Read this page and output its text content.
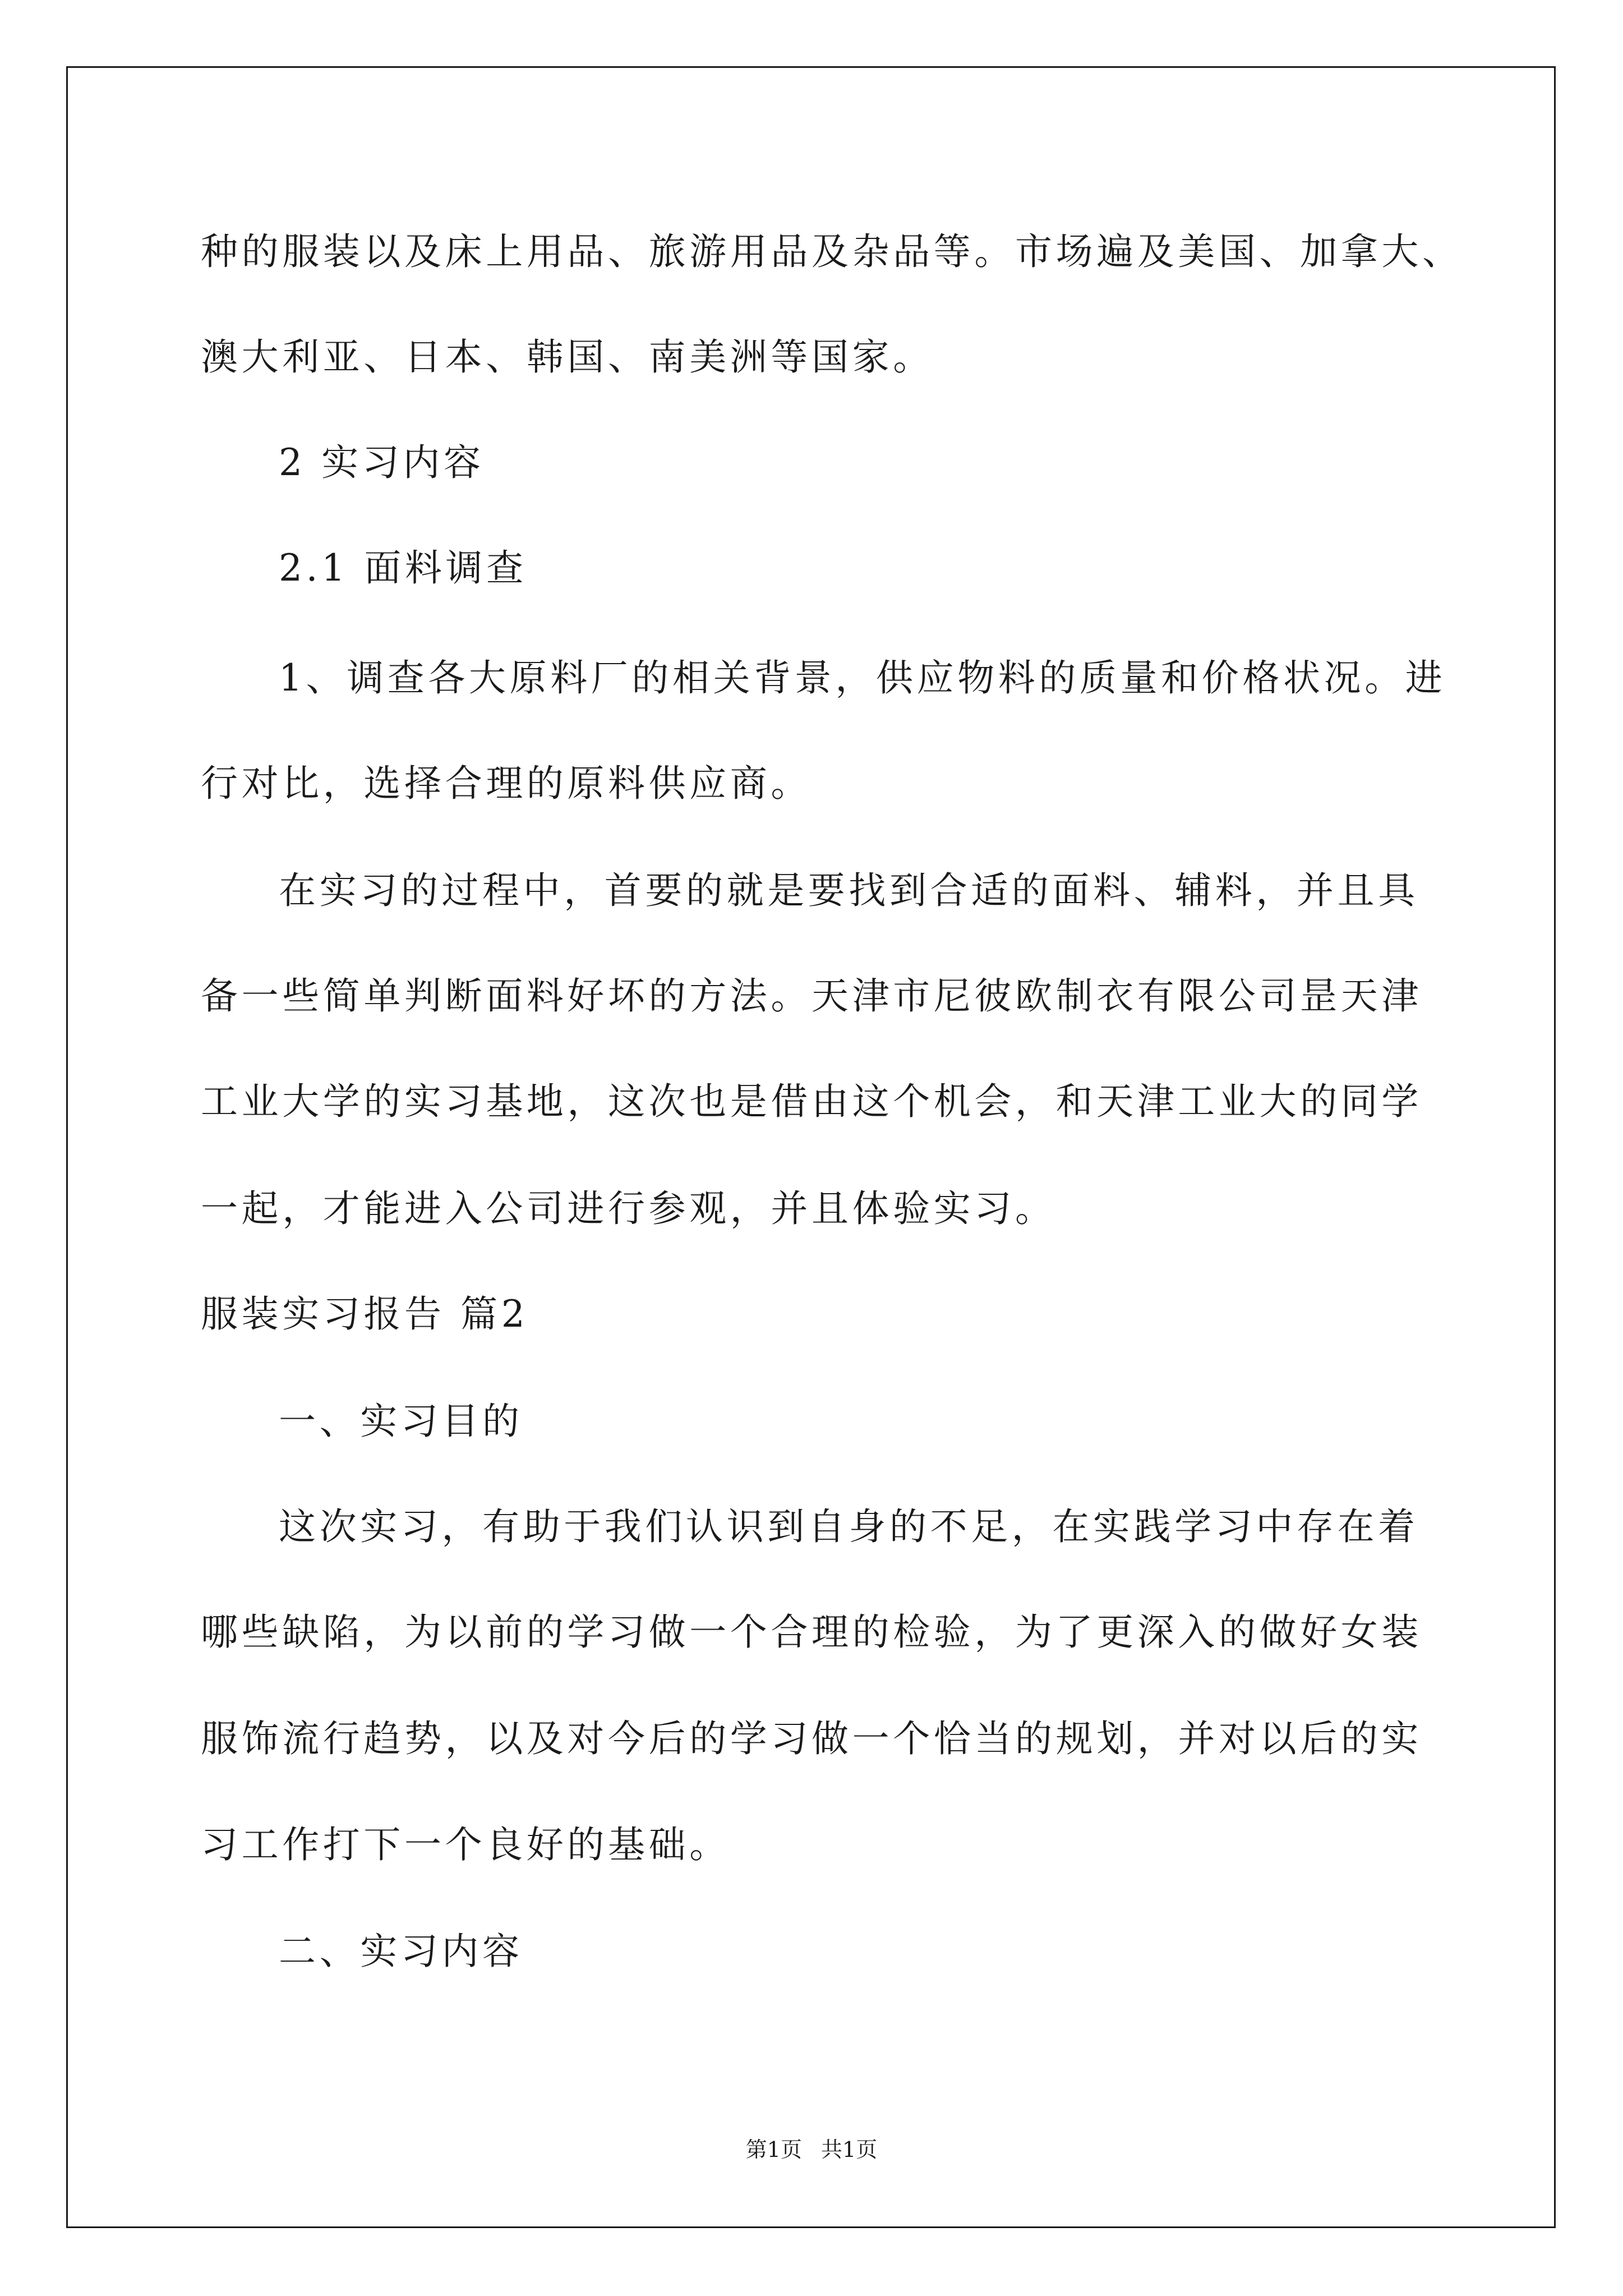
种的服装以及床上用品、旅游用品及杂品等。市场遍及美国、加拿大、
澳大利亚、日本、韩国、南美洲等国家。
2 实习内容
2.1 面料调查
1、调查各大原料厂的相关背景，供应物料的质量和价格状况。进
行对比，选择合理的原料供应商。
在实习的过程中，首要的就是要找到合适的面料、辅料，并且具
备一些简单判断面料好坏的方法。天津市尼彼欧制衣有限公司昰天津
工业大学的实习基地，这次也是借由这个机会，和天津工业大的同学
一起，才能进入公司进行参观，并且体验实习。
服装实习报告 篇2
一、实习目的
这次实习，有助于我们认识到自身的不足，在实践学习中存在着
哪些缺陷，为以前的学习做一个合理的检验，为了更深入的做好女装
服饰流行趋势，以及对今后的学习做一个恰当的规划，并对以后的实
习工作打下一个良好的基础。
二、实习内容
第1页 共1页
